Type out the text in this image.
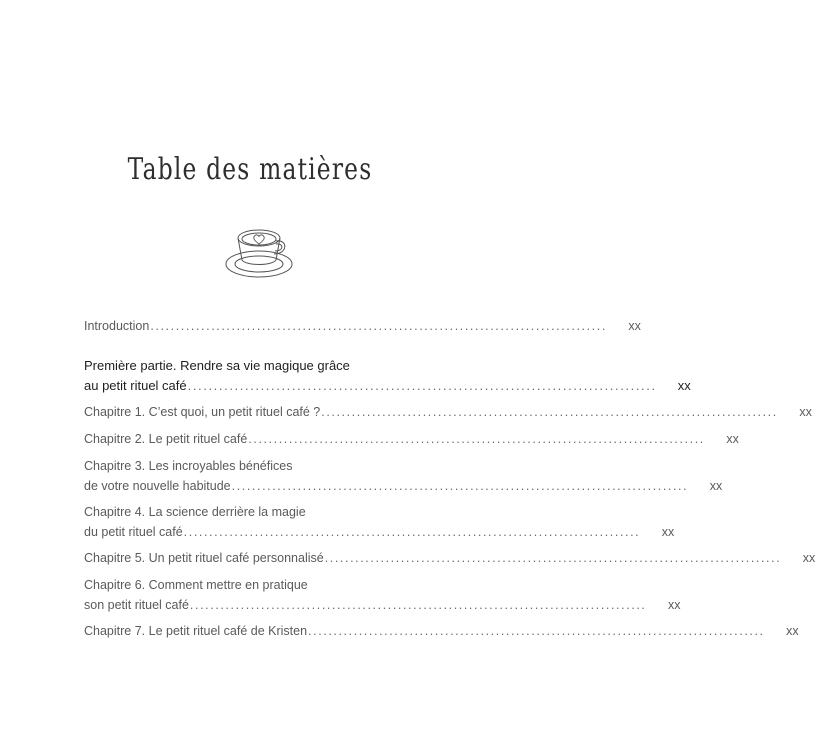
Table des matières
Introduction .......................................................................................... xx
Première partie. Rendre sa vie magique grâce
au petit rituel café .......................................................................................... xx
Chapitre 1. C’est quoi, un petit rituel café ? .......................................................................................... xx
Chapitre 2. Le petit rituel café .......................................................................................... xx
Chapitre 3. Les incroyables bénéfices
de votre nouvelle habitude .......................................................................................... xx
Chapitre 4. La science derrière la magie
du petit rituel café .......................................................................................... xx
Chapitre 5. Un petit rituel café personnalisé .......................................................................................... xx
Chapitre 6. Comment mettre en pratique
son petit rituel café .......................................................................................... xx
Chapitre 7. Le petit rituel café de Kristen .......................................................................................... xx
